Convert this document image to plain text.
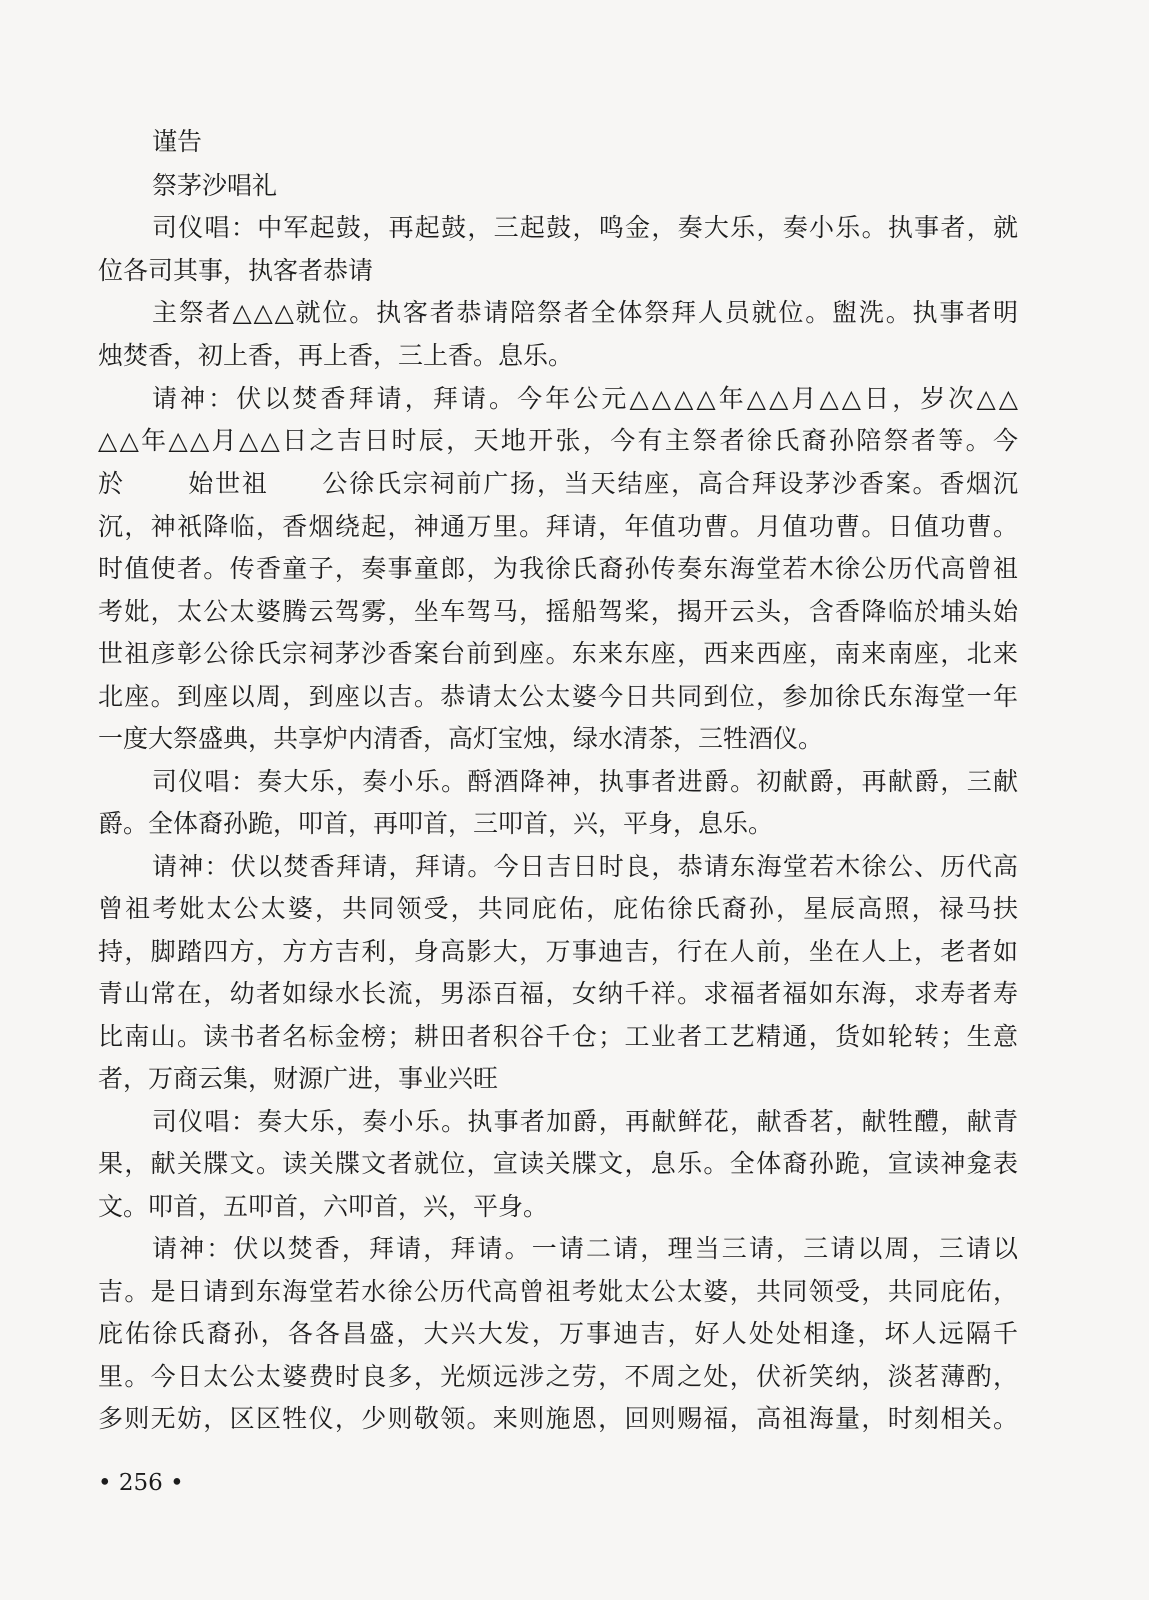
谨告
祭茅沙唱礼
司仪唱：中军起鼓，再起鼓，三起鼓，鸣金，奏大乐，奏小乐。执事者，就
位各司其事，执客者恭请
主祭者△△△就位。执客者恭请陪祭者全体祭拜人员就位。盥洗。执事者明
烛焚香，初上香，再上香，三上香。息乐。
请神：伏以焚香拜请，拜请。今年公元△△△△年△△月△△日，岁次△△
△△年△△月△△日之吉日时辰，天地开张，今有主祭者徐氏裔孙陪祭者等。今
於　　 始世祖　　公徐氏宗祠前广扬，当天结座，高合拜设茅沙香案。香烟沉
沉，神祇降临，香烟绕起，神通万里。拜请，年值功曹。月值功曹。日值功曹。
时值使者。传香童子，奏事童郎，为我徐氏裔孙传奏东海堂若木徐公历代高曾祖
考妣，太公太婆腾云驾雾，坐车驾马，摇船驾桨，揭开云头，含香降临於埔头始
世祖彦彰公徐氏宗祠茅沙香案台前到座。东来东座，西来西座，南来南座，北来
北座。到座以周，到座以吉。恭请太公太婆今日共同到位，参加徐氏东海堂一年
一度大祭盛典，共享炉内清香，高灯宝烛，绿水清茶，三牲酒仪。
司仪唱：奏大乐，奏小乐。酹酒降神，执事者进爵。初献爵，再献爵，三献
爵。全体裔孙跪，叩首，再叩首，三叩首，兴，平身，息乐。
请神：伏以焚香拜请，拜请。今日吉日时良，恭请东海堂若木徐公、历代高
曾祖考妣太公太婆，共同领受，共同庇佑，庇佑徐氏裔孙，星辰高照，禄马扶
持，脚踏四方，方方吉利，身高影大，万事迪吉，行在人前，坐在人上，老者如
青山常在，幼者如绿水长流，男添百福，女纳千祥。求福者福如东海，求寿者寿
比南山。读书者名标金榜；耕田者积谷千仓；工业者工艺精通，货如轮转；生意
者，万商云集，财源广进，事业兴旺
司仪唱：奏大乐，奏小乐。执事者加爵，再献鲜花，献香茗，献牲醴，献青
果，献关牒文。读关牒文者就位，宣读关牒文，息乐。全体裔孙跪，宣读神龛表
文。叩首，五叩首，六叩首，兴，平身。
请神：伏以焚香，拜请，拜请。一请二请，理当三请，三请以周，三请以
吉。是日请到东海堂若水徐公历代高曾祖考妣太公太婆，共同领受，共同庇佑，
庇佑徐氏裔孙，各各昌盛，大兴大发，万事迪吉，好人处处相逢，坏人远隔千
里。今日太公太婆费时良多，光烦远涉之劳，不周之处，伏祈笑纳，淡茗薄酌，
多则无妨，区区牲仪，少则敬领。来则施恩，回则赐福，高祖海量，时刻相关。
• 256 •
